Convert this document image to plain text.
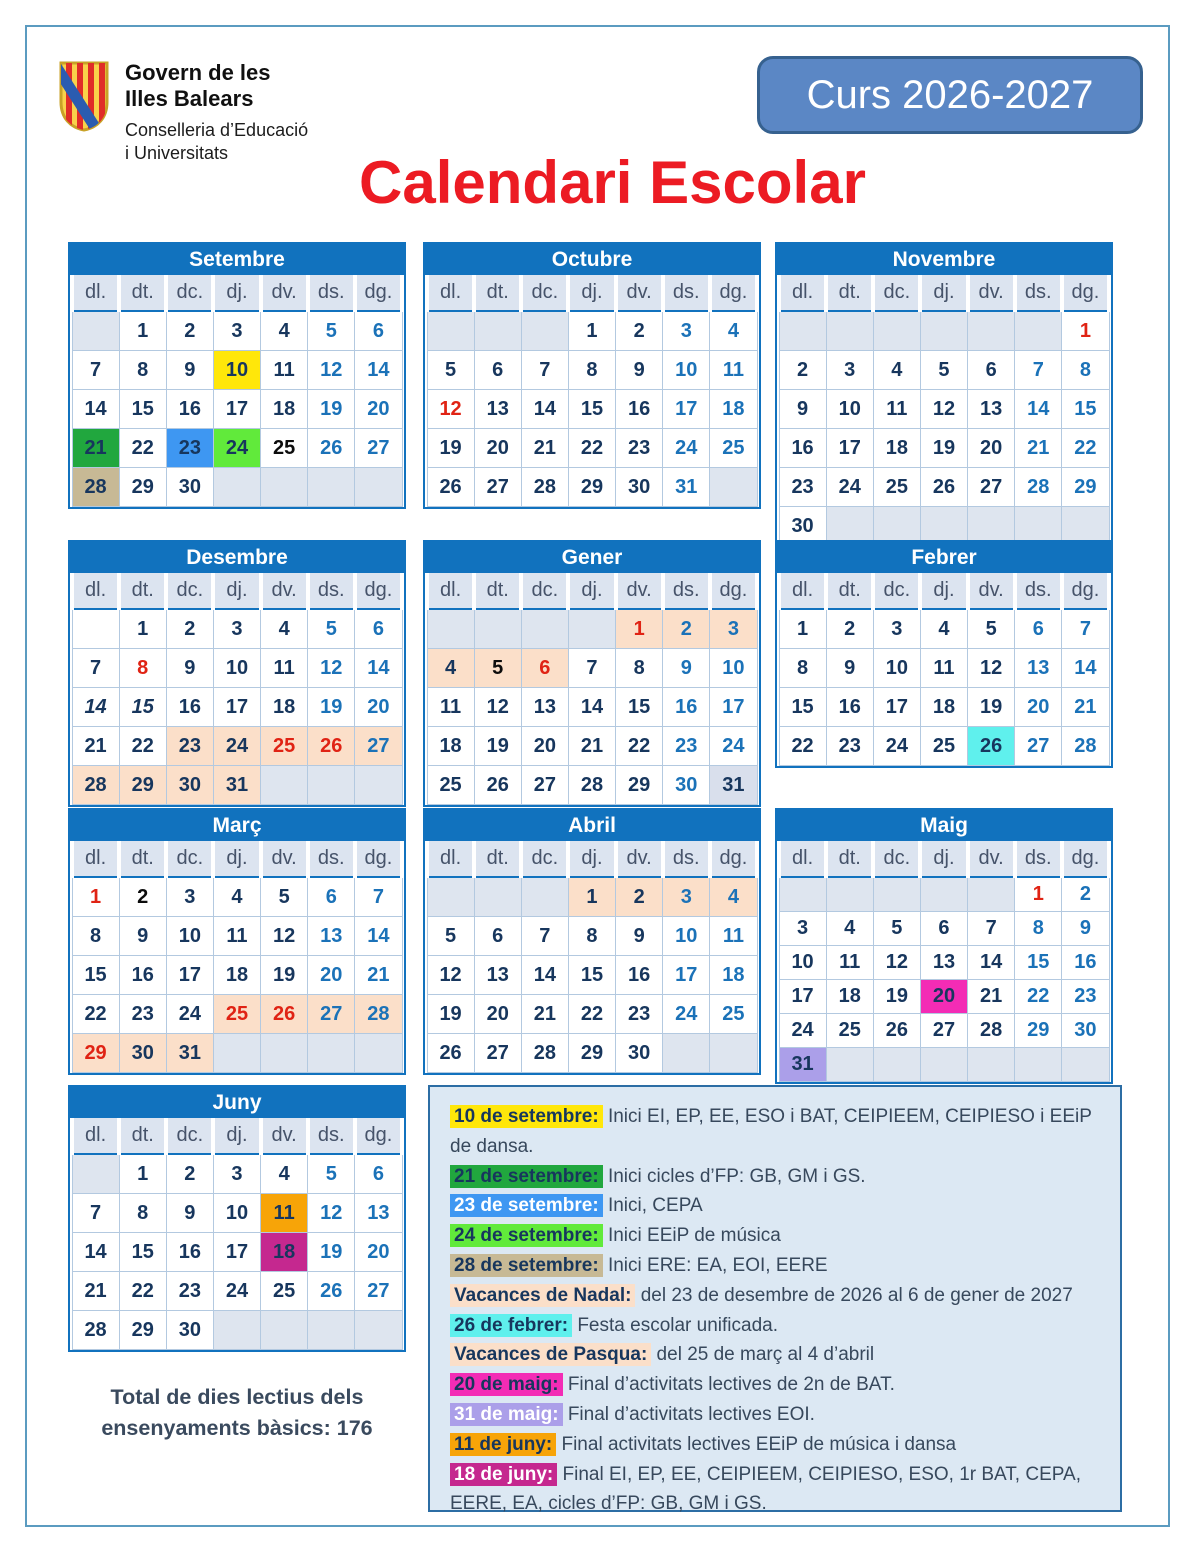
Govern de les
Illes Balears
Conselleria d’Educació
i Universitats
Curs 2026-2027
Calendari Escolar
Setembre
dl.	dt.	dc.	dj.	dv.	ds.	dg.
	1	2	3	4	5	6
7	8	9	10	11	12	14
14	15	16	17	18	19	20
21	22	23	24	25	26	27
28	29	30				
Octubre
dl.	dt.	dc.	dj.	dv.	ds.	dg.
			1	2	3	4
5	6	7	8	9	10	11
12	13	14	15	16	17	18
19	20	21	22	23	24	25
26	27	28	29	30	31	
Novembre
dl.	dt.	dc.	dj.	dv.	ds.	dg.
						1
2	3	4	5	6	7	8
9	10	11	12	13	14	15
16	17	18	19	20	21	22
23	24	25	26	27	28	29
30						
Desembre
dl.	dt.	dc.	dj.	dv.	ds.	dg.
	1	2	3	4	5	6
7	8	9	10	11	12	14
14	15	16	17	18	19	20
21	22	23	24	25	26	27
28	29	30	31			
Gener
dl.	dt.	dc.	dj.	dv.	ds.	dg.
				1	2	3
4	5	6	7	8	9	10
11	12	13	14	15	16	17
18	19	20	21	22	23	24
25	26	27	28	29	30	31
Febrer
dl.	dt.	dc.	dj.	dv.	ds.	dg.
1	2	3	4	5	6	7
8	9	10	11	12	13	14
15	16	17	18	19	20	21
22	23	24	25	26	27	28
Març
dl.	dt.	dc.	dj.	dv.	ds.	dg.
1	2	3	4	5	6	7
8	9	10	11	12	13	14
15	16	17	18	19	20	21
22	23	24	25	26	27	28
29	30	31				
Abril
dl.	dt.	dc.	dj.	dv.	ds.	dg.
			1	2	3	4
5	6	7	8	9	10	11
12	13	14	15	16	17	18
19	20	21	22	23	24	25
26	27	28	29	30		
Maig
dl.	dt.	dc.	dj.	dv.	ds.	dg.
					1	2
3	4	5	6	7	8	9
10	11	12	13	14	15	16
17	18	19	20	21	22	23
24	25	26	27	28	29	30
31						
Juny
dl.	dt.	dc.	dj.	dv.	ds.	dg.
	1	2	3	4	5	6
7	8	9	10	11	12	13
14	15	16	17	18	19	20
21	22	23	24	25	26	27
28	29	30				
10 de setembre: Inici EI, EP, EE, ESO i BAT, CEIPIEEM, CEIPIESO i EEiP de dansa.
21 de setembre: Inici cicles d’FP: GB, GM i GS.
23 de setembre: Inici, CEPA
24 de setembre: Inici EEiP de música
28 de setembre: Inici ERE: EA, EOI, EERE
Vacances de Nadal: del 23 de desembre de 2026 al 6 de gener de 2027
26 de febrer: Festa escolar unificada.
Vacances de Pasqua: del 25 de març al 4 d’abril
20 de maig: Final d’activitats lectives de 2n de BAT.
31 de maig: Final d’activitats lectives EOI.
11 de juny: Final activitats lectives EEiP de música i dansa
18 de juny: Final EI, EP, EE, CEIPIEEM, CEIPIESO, ESO, 1r BAT, CEPA, EERE, EA, cicles d’FP: GB, GM i GS.
Total de dies lectius dels
ensenyaments bàsics: 176
